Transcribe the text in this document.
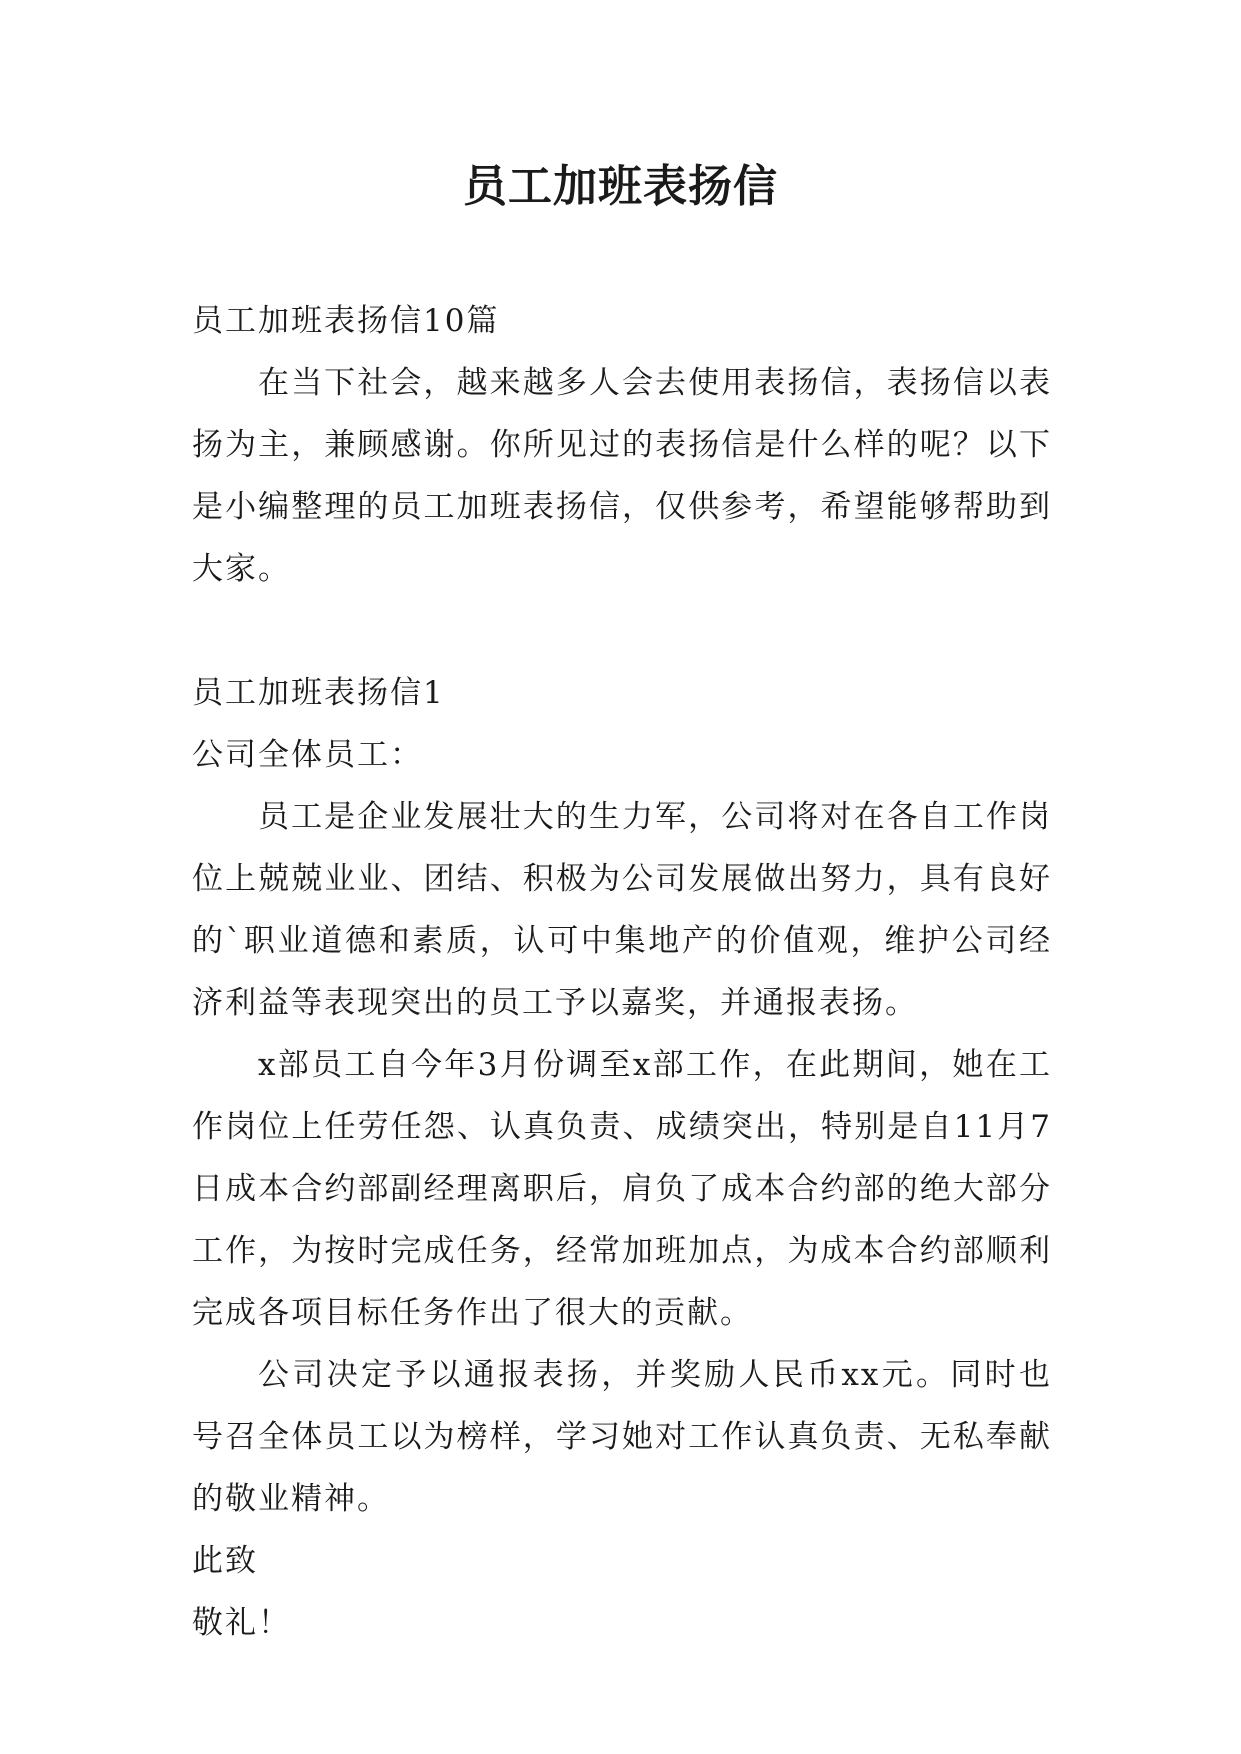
员工加班表扬信

员工加班表扬信10篇

在当下社会，越来越多人会去使用表扬信，表扬信以表扬为主，兼顾感谢。你所见过的表扬信是什么样的呢？以下是小编整理的员工加班表扬信，仅供参考，希望能够帮助到大家。

员工加班表扬信1

公司全体员工：

员工是企业发展壮大的生力军，公司将对在各自工作岗位上兢兢业业、团结、积极为公司发展做出努力，具有良好的`职业道德和素质，认可中集地产的价值观，维护公司经济利益等表现突出的员工予以嘉奖，并通报表扬。

x部员工自今年3月份调至x部工作，在此期间，她在工作岗位上任劳任怨、认真负责、成绩突出，特别是自11月7日成本合约部副经理离职后，肩负了成本合约部的绝大部分工作，为按时完成任务，经常加班加点，为成本合约部顺利完成各项目标任务作出了很大的贡献。

公司决定予以通报表扬，并奖励人民币xx元。同时也号召全体员工以为榜样，学习她对工作认真负责、无私奉献的敬业精神。

此致

敬礼！
